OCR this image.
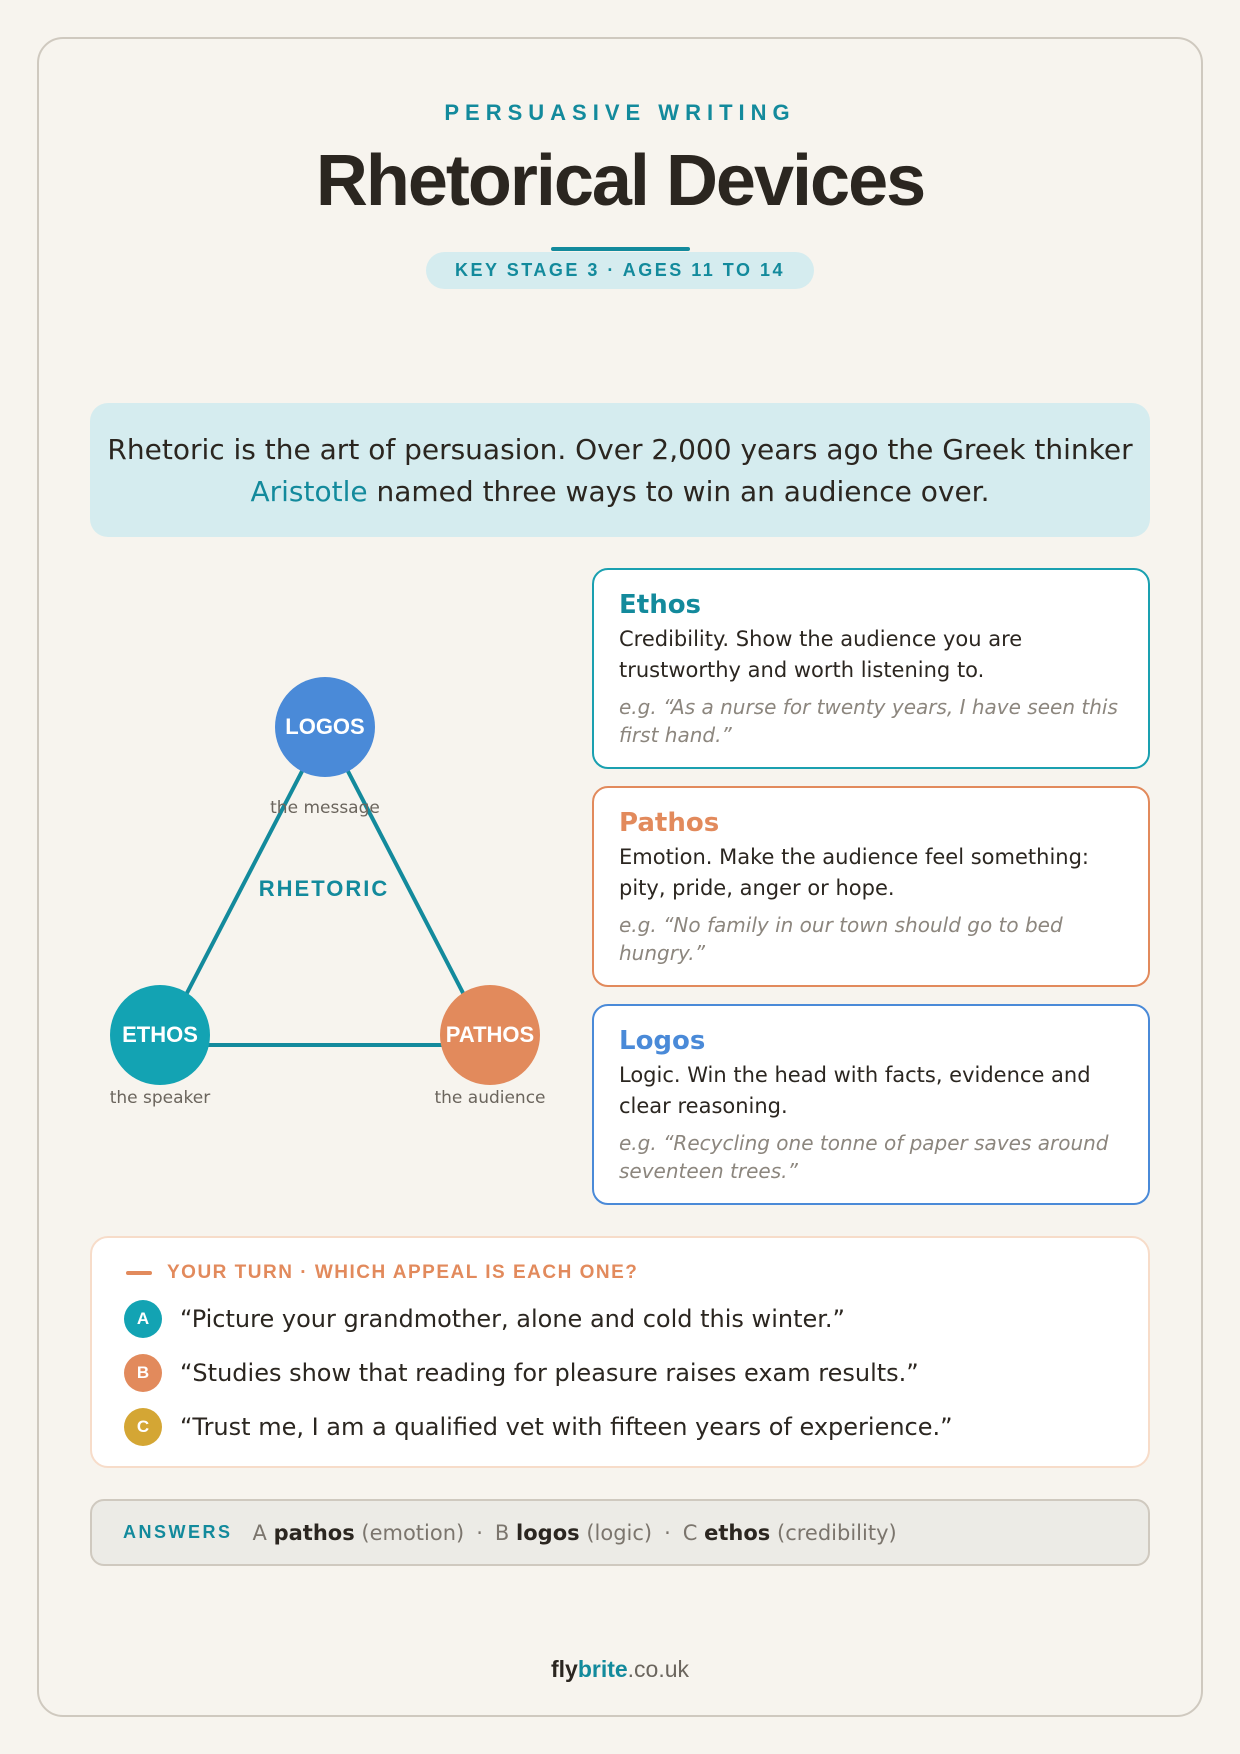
PERSUASIVE WRITING
Rhetorical Devices
KEY STAGE 3 · AGES 11 TO 14
Rhetoric is the art of persuasion. Over 2,000 years ago the Greek thinker Aristotle named three ways to win an audience over.
LOGOS
the message
ETHOS
the speaker
PATHOS
the audience
RHETORIC
Ethos
Credibility. Show the audience you are trustworthy and worth listening to.
e.g. “As a nurse for twenty years, I have seen this first hand.”
Pathos
Emotion. Make the audience feel something: pity, pride, anger or hope.
e.g. “No family in our town should go to bed hungry.”
Logos
Logic. Win the head with facts, evidence and clear reasoning.
e.g. “Recycling one tonne of paper saves around seventeen trees.”
YOUR TURN · WHICH APPEAL IS EACH ONE?
A	“Picture your grandmother, alone and cold this winter.”
B	“Studies show that reading for pleasure raises exam results.”
C	“Trust me, I am a qualified vet with fifteen years of experience.”
ANSWERS A pathos (emotion) · B logos (logic) · C ethos (credibility)
flybrite.co.uk
